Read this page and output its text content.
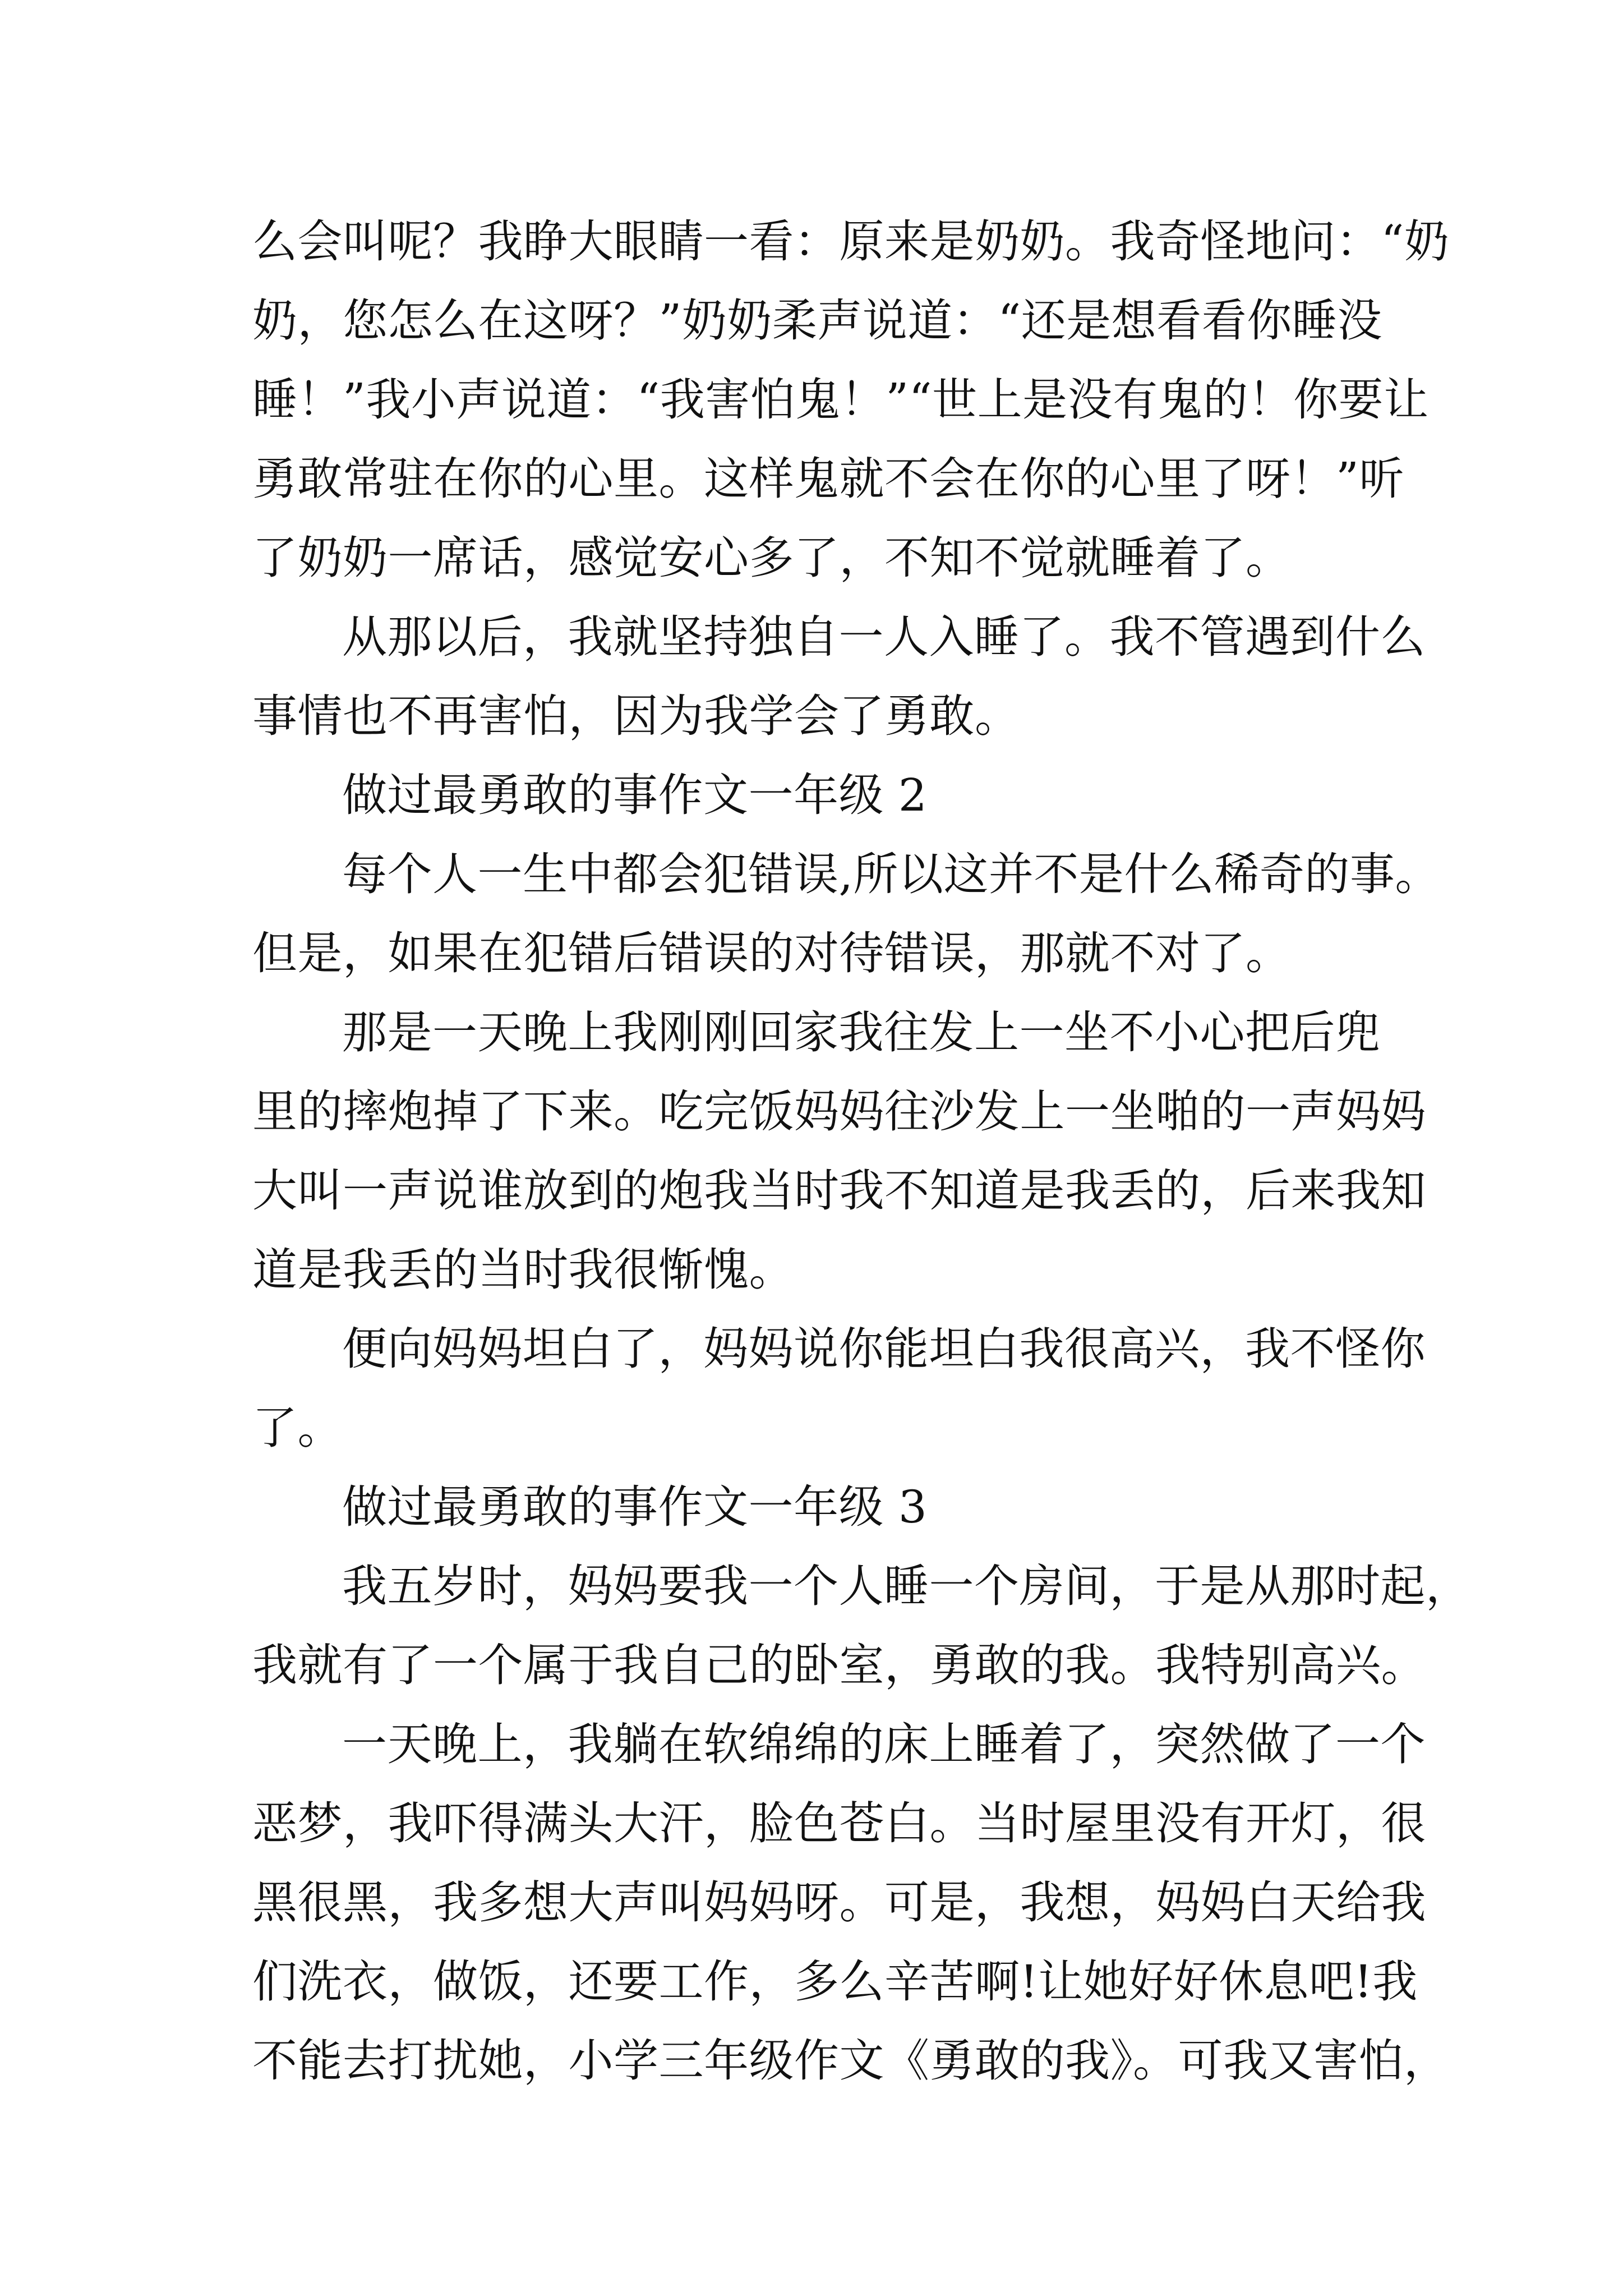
么会叫呢？我睁大眼睛一看：原来是奶奶。我奇怪地问：“奶
奶，您怎么在这呀？”奶奶柔声说道：“还是想看看你睡没
睡！”我小声说道：“我害怕鬼！”“世上是没有鬼的！你要让
勇敢常驻在你的心里。这样鬼就不会在你的心里了呀！”听
了奶奶一席话，感觉安心多了，不知不觉就睡着了。
从那以后，我就坚持独自一人入睡了。我不管遇到什么
事情也不再害怕，因为我学会了勇敢。
做过最勇敢的事作文一年级 2
每个人一生中都会犯错误,所以这并不是什么稀奇的事。
但是，如果在犯错后错误的对待错误，那就不对了。
那是一天晚上我刚刚回家我往发上一坐不小心把后兜
里的摔炮掉了下来。吃完饭妈妈往沙发上一坐啪的一声妈妈
大叫一声说谁放到的炮我当时我不知道是我丢的，后来我知
道是我丢的当时我很惭愧。
便向妈妈坦白了，妈妈说你能坦白我很高兴，我不怪你
了。
做过最勇敢的事作文一年级 3
我五岁时，妈妈要我一个人睡一个房间，于是从那时起，
我就有了一个属于我自己的卧室，勇敢的我。我特别高兴。
一天晚上，我躺在软绵绵的床上睡着了，突然做了一个
恶梦，我吓得满头大汗，脸色苍白。当时屋里没有开灯，很
黑很黑，我多想大声叫妈妈呀。可是，我想，妈妈白天给我
们洗衣，做饭，还要工作，多么辛苦啊!让她好好休息吧!我
不能去打扰她，小学三年级作文《勇敢的我》。可我又害怕，
